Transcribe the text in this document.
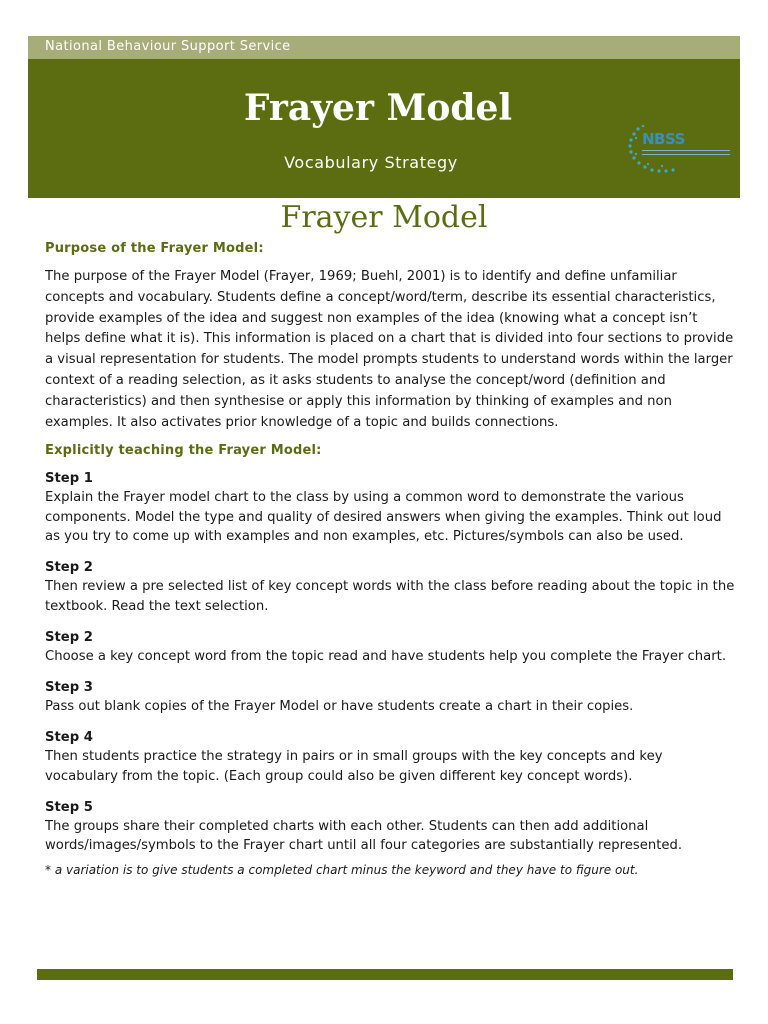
National Behaviour Support Service
Frayer Model
Vocabulary Strategy
NBSS
Frayer Model
Purpose of the Frayer Model:

The purpose of the Frayer Model (Frayer, 1969; Buehl, 2001) is to identify and define unfamiliar concepts and vocabulary. Students define a concept/word/term, describe its essential characteristics, provide examples of the idea and suggest non examples of the idea (knowing what a concept isn’t helps define what it is). This information is placed on a chart that is divided into four sections to provide a visual representation for students. The model prompts students to understand words within the larger context of a reading selection, as it asks students to analyse the concept/word (definition and characteristics) and then synthesise or apply this information by thinking of examples and non examples. It also activates prior knowledge of a topic and builds connections.

Explicitly teaching the Frayer Model:
Step 1
Explain the Frayer model chart to the class by using a common word to demonstrate the various components. Model the type and quality of desired answers when giving the examples. Think out loud as you try to come up with examples and non examples, etc. Pictures/symbols can also be used.
Step 2
Then review a pre selected list of key concept words with the class before reading about the topic in the textbook. Read the text selection.
Step 2
Choose a key concept word from the topic read and have students help you complete the Frayer chart.
Step 3
Pass out blank copies of the Frayer Model or have students create a chart in their copies.
Step 4
Then students practice the strategy in pairs or in small groups with the key concepts and key vocabulary from the topic. (Each group could also be given different key concept words).
Step 5
The groups share their completed charts with each other. Students can then add additional words/images/symbols to the Frayer chart until all four categories are substantially represented.
* a variation is to give students a completed chart minus the keyword and they have to figure out.
